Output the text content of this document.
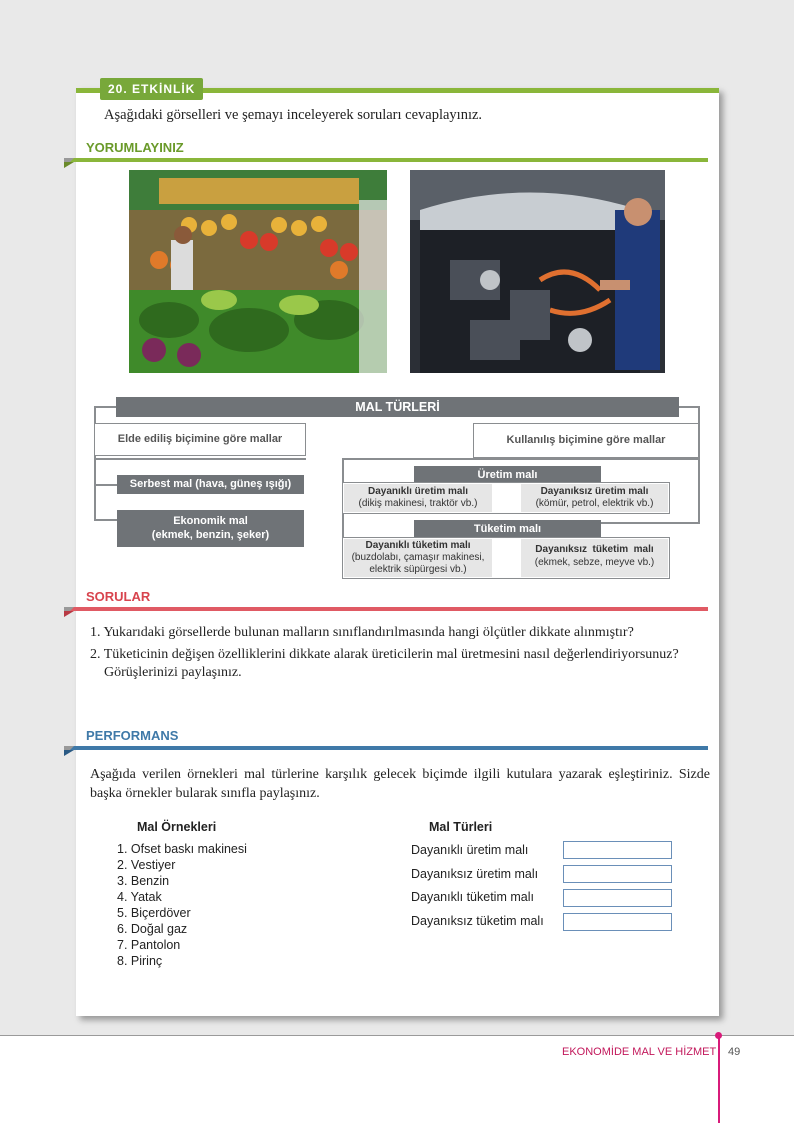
20. ETKİNLİK
Aşağıdaki görselleri ve şemayı inceleyerek soruları cevaplayınız.
YORUMLAYINIZ
MAL TÜRLERİ
Elde ediliş biçimine göre mallar	Kullanılış biçimine göre mallar
Serbest mal (hava, güneş ışığı)
Ekonomik mal
(ekmek, benzin, şeker)
Üretim malı
Dayanıklı üretim malı
(dikiş makinesi, traktör vb.)
Dayanıksız üretim malı
(kömür, petrol, elektrik vb.)
Tüketim malı
Dayanıklı tüketim malı
(buzdolabı, çamaşır makinesi,
elektrik süpürgesi vb.)
Dayanıksız  tüketim  malı
(ekmek, sebze, meyve vb.)
SORULAR
1. Yukarıdaki görsellerde bulunan malların sınıflandırılmasında hangi ölçütler dikkate alınmıştır?
2. Tüketicinin değişen özelliklerini dikkate alarak üreticilerin mal üretmesini nasıl değerlendiriyorsunuz?
Görüşlerinizi paylaşınız.
PERFORMANS
Aşağıda verilen örnekleri mal türlerine karşılık gelecek biçimde ilgili kutulara yazarak eşleştiriniz. Sizde başka örnekler bularak sınıfla paylaşınız.
Mal Örnekleri	Mal Türleri
1. Ofset baskı makinesi
2. Vestiyer
3. Benzin
4. Yatak
5. Biçerdöver
6. Doğal gaz
7. Pantolon
8. Pirinç
Dayanıklı üretim malı
Dayanıksız üretim malı
Dayanıklı tüketim malı
Dayanıksız tüketim malı
EKONOMİDE MAL VE HİZMET 49
